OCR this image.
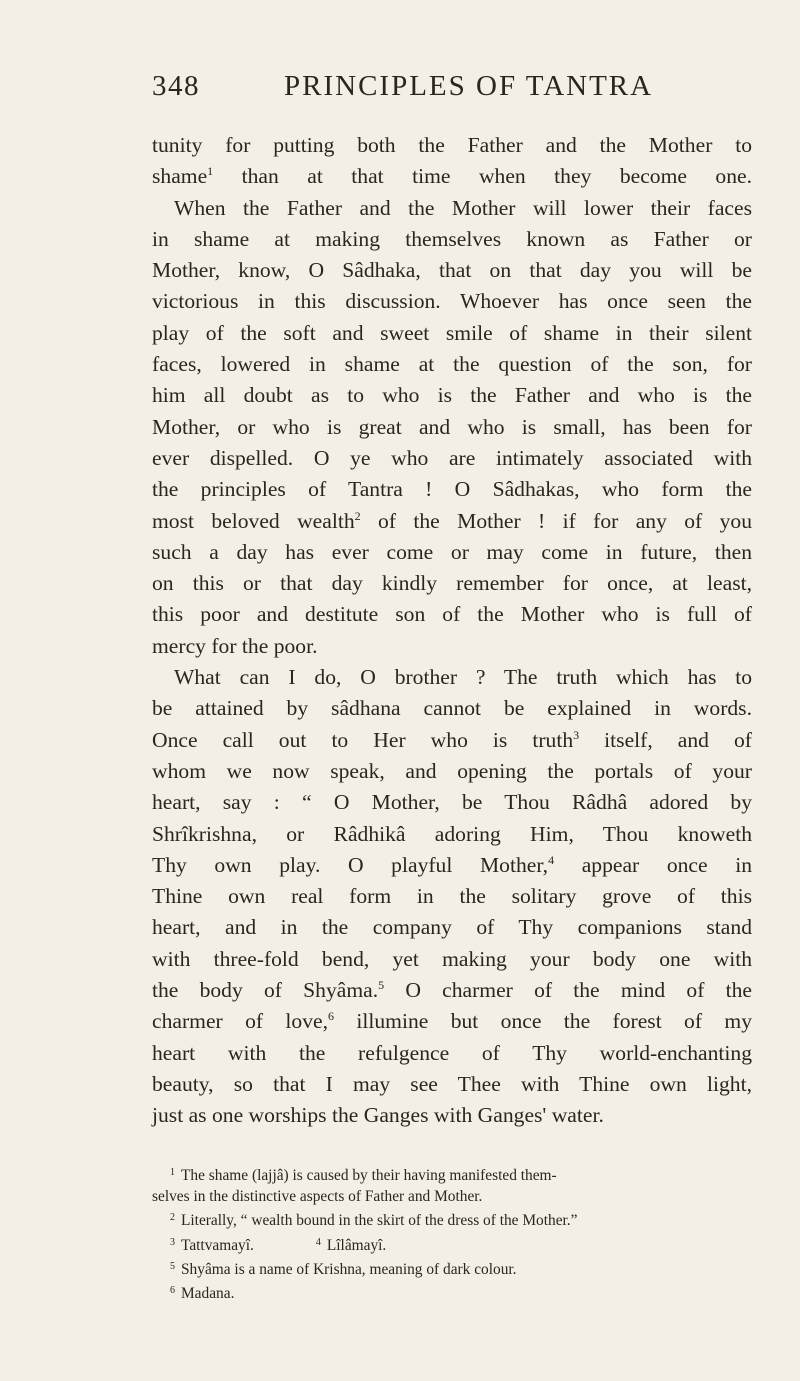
348	PRINCIPLES OF TANTRA
tunity for putting both the Father and the Mother to
shame$^1$ than at that time when they become one.
When the Father and the Mother will lower their faces
in shame at making themselves known as Father or
Mother, know, O Sâdhaka, that on that day you will be
victorious in this discussion. Whoever has once seen the
play of the soft and sweet smile of shame in their silent
faces, lowered in shame at the question of the son, for
him all doubt as to who is the Father and who is the
Mother, or who is great and who is small, has been for
ever dispelled. O ye who are intimately associated with
the principles of Tantra ! O Sâdhakas, who form the
most beloved wealth$^2$ of the Mother ! if for any of you
such a day has ever come or may come in future, then
on this or that day kindly remember for once, at least,
this poor and destitute son of the Mother who is full of
mercy for the poor.
What can I do, O brother ? The truth which has to
be attained by sâdhana cannot be explained in words.
Once call out to Her who is truth$^3$ itself, and of
whom we now speak, and opening the portals of your
heart, say : “ O Mother, be Thou Râdhâ adored by
Shrîkrishna, or Râdhikâ adoring Him, Thou knoweth
Thy own play. O playful Mother,$^4$ appear once in
Thine own real form in the solitary grove of this
heart, and in the company of Thy companions stand
with three-fold bend, yet making your body one with
the body of Shyâma.$^5$ O charmer of the mind of the
charmer of love,$^6$ illumine but once the forest of my
heart with the refulgence of Thy world-enchanting
beauty, so that I may see Thee with Thine own light,
just as one worships the Ganges with Ganges' water.
$^1$ The shame (lajjâ) is caused by their having manifested them-
selves in the distinctive aspects of Father and Mother.
$^2$ Literally, “ wealth bound in the skirt of the dress of the Mother.”
$^3$ Tattvamayî.	$^4$ Lîlâmayî.
$^5$ Shyâma is a name of Krishna, meaning of dark colour.
$^6$ Madana.
